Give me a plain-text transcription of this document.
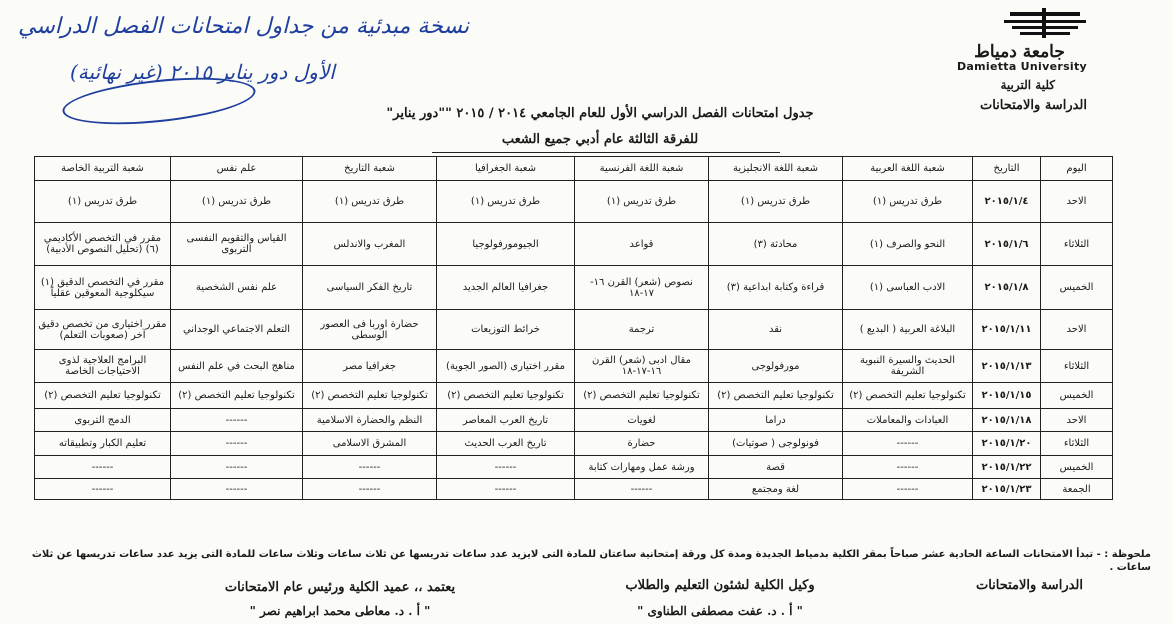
نسخة مبدئية من جداول امتحانات الفصل الدراسي
الأول دور يناير ٢٠١٥ (غير نهائية)
جامعة دمياط
Damietta University
كلية التربية
الدراسة والامتحانات
جدول امتحانات الفصل الدراسي الأول للعام الجامعي ٢٠١٤ / ٢٠١٥ ""دور يناير"
للفرقة الثالثة عام أدبي جميع الشعب
اليوم	التاريخ	شعبة اللغة العربية	شعبة اللغة الانجليزية	شعبة اللغة الفرنسية	شعبة الجغرافيا	شعبة التاريخ	علم نفس	شعبة التربية الخاصة
الاحد	٢٠١٥/١/٤	طرق تدريس (١)	طرق تدريس (١)	طرق تدريس (١)	طرق تدريس (١)	طرق تدريس (١)	طرق تدريس (١)	طرق تدريس (١)
الثلاثاء	٢٠١٥/١/٦	النحو والصرف (١)	محادثة (٣)	قواعد	الجيومورفولوجيا	المغرب والاندلس	القياس والتقويم النفسى التربوى	مقرر في التخصص الأكاديمي (٦) (تحليل النصوص الأدبية)
الخميس	٢٠١٥/١/٨	الادب العباسى (١)	قراءة وكتابة ابداعية (٣)	نصوص (شعر) القرن ١٦- ١٧-١٨	جغرافيا العالم الجديد	تاريخ الفكر السياسى	علم نفس الشخصية	مقرر في التخصص الدقيق (١) سيكلوجية المعوقين عقلياً
الاحد	٢٠١٥/١/١١	البلاغة العربية ( البديع )	نقد	ترجمة	خرائط التوزيعات	حضارة اوربا فى العصور الوسطى	التعلم الاجتماعي الوجداني	مقرر اختيارى من تخصص دقيق آخر (صعوبات التعلم)
الثلاثاء	٢٠١٥/١/١٣	الحديث والسيرة النبوية الشريفة	مورفولوجى	مقال ادبى (شعر) القرن ١٦-١٧-١٨	مقرر اختيارى (الصور الجوية)	جغرافيا مصر	مناهج البحث في علم النفس	البرامج العلاجية لذوى الاحتياجات الخاصة
الخميس	٢٠١٥/١/١٥	تكنولوجيا تعليم التخصص (٢)	تكنولوجيا تعليم التخصص (٢)	تكنولوجيا تعليم التخصص (٢)	تكنولوجيا تعليم التخصص (٢)	تكنولوجيا تعليم التخصص (٢)	تكنولوجيا تعليم التخصص (٢)	تكنولوجيا تعليم التخصص (٢)
الاحد	٢٠١٥/١/١٨	العبادات والمعاملات	دراما	لغويات	تاريخ العرب المعاصر	النظم والحضارة الاسلامية	------	الدمج التربوى
الثلاثاء	٢٠١٥/١/٢٠	------	فونولوجى ( صوتيات)	حضارة	تاريخ العرب الحديث	المشرق الاسلامى	------	تعليم الكبار وتطبيقاته
الخميس	٢٠١٥/١/٢٢	------	قصة	ورشة عمل ومهارات كتابة	------	------	------	------
الجمعة	٢٠١٥/١/٢٣	------	لغة ومجتمع	------	------	------	------	------
ملحوظة : - تبدأ الامتحانات الساعة الحادية عشر صباحاً بمقر الكلية بدمياط الجديدة ومدة كل ورقة إمتحانية ساعتان للمادة التى لايزيد عدد ساعات تدريسها عن ثلاث ساعات وثلاث ساعات للمادة التى يزيد عدد ساعات تدريسها عن ثلاث ساعات .
الدراسة والامتحانات
وكيل الكلية لشئون التعليم والطلاب
يعتمد ،، عميد الكلية ورئيس عام الامتحانات
" أ . د. عفت مصطفى الطناوى "
" أ . د. معاطى محمد ابراهيم نصر "
